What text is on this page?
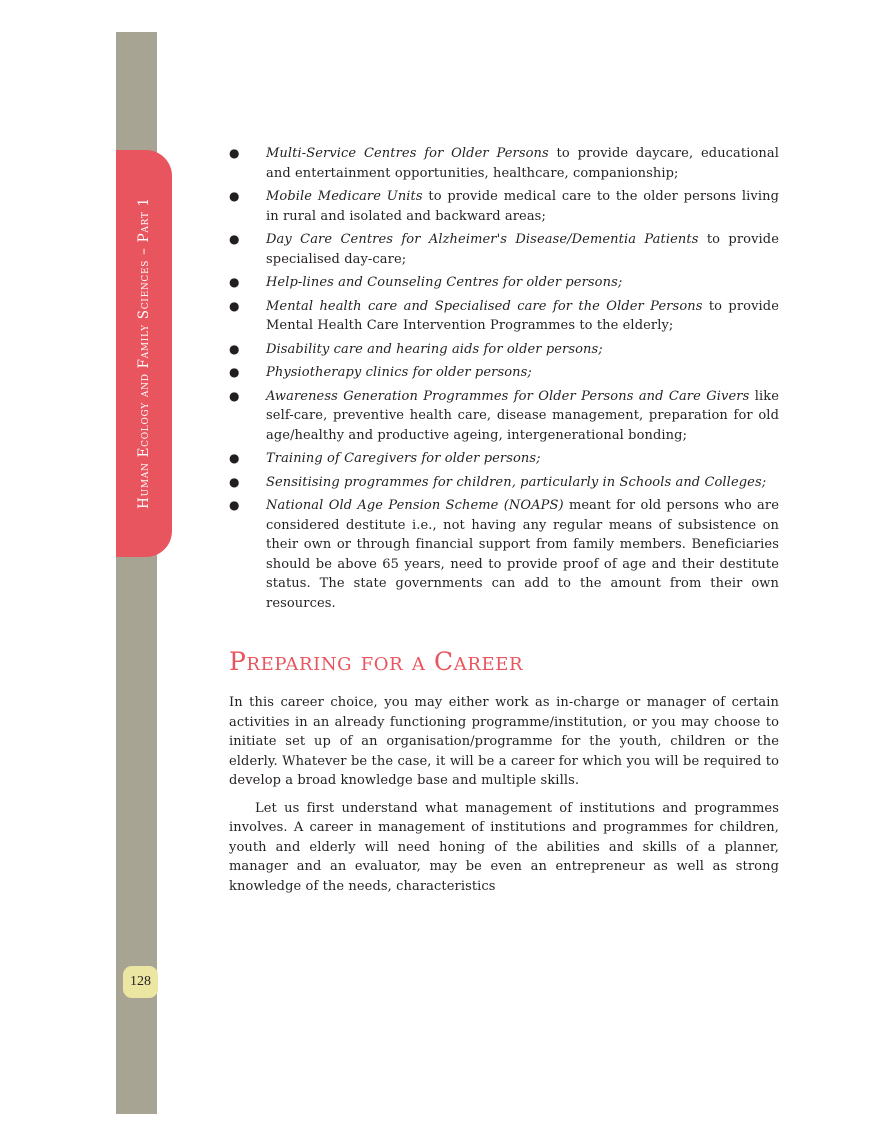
Human Ecology and Family Sciences – Part 1
128
● Multi-Service Centres for Older Persons to provide daycare, educational and entertainment opportunities, healthcare, companionship;
● Mobile Medicare Units to provide medical care to the older persons living in rural and isolated and backward areas;
● Day Care Centres for Alzheimer's Disease/Dementia Patients to provide specialised day-care;
● Help-lines and Counseling Centres for older persons;
● Mental health care and Specialised care for the Older Persons to provide Mental Health Care Intervention Programmes to the elderly;
● Disability care and hearing aids for older persons;
● Physiotherapy clinics for older persons;
● Awareness Generation Programmes for Older Persons and Care Givers like self-care, preventive health care, disease management, preparation for old age/healthy and productive ageing, intergenerational bonding;
● Training of Caregivers for older persons;
● Sensitising programmes for children, particularly in Schools and Colleges;
● National Old Age Pension Scheme (NOAPS) meant for old persons who are considered destitute i.e., not having any regular means of subsistence on their own or through financial support from family members. Beneficiaries should be above 65 years, need to provide proof of age and their destitute status. The state governments can add to the amount from their own resources.
Preparing for a Career

In this career choice, you may either work as in-charge or manager of certain activities in an already functioning programme/institution, or you may choose to initiate set up of an organisation/programme for the youth, children or the elderly. Whatever be the case, it will be a career for which you will be required to develop a broad knowledge base and multiple skills.

Let us first understand what management of institutions and programmes involves. A career in management of institutions and programmes for children, youth and elderly will need honing of the abilities and skills of a planner, manager and an evaluator, may be even an entrepreneur as well as strong knowledge of the needs, characteristics
